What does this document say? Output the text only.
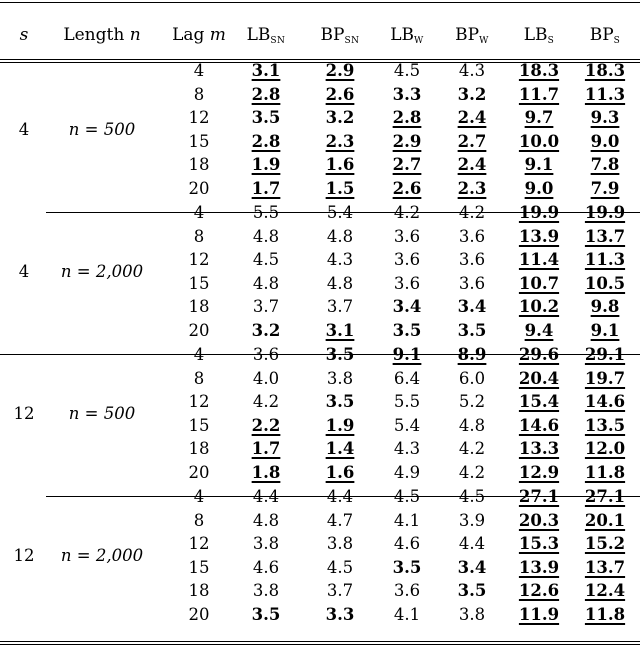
s Length n Lag m $LB_{SN}$ $BP_{SN}$ $LB_W$ $BP_W$ $LB_S$ $BP_S$
4	3.1	2.9 4.5 4.3 18.3 18.3
8	2.8	2.6 3.3 3.2 11.7 11.3
12	3.5	3.2 2.8 2.4 9.7 9.3
15	2.8	2.3 2.9 2.7 10.0 9.0
18	1.9	1.6 2.7 2.4 9.1 7.8
20	1.7	1.5 2.6 2.3 9.0 7.9
4 n = 500
4	5.5	5.4 4.2 4.2 19.9 19.9
8	4.8	4.8 3.6 3.6 13.9 13.7
12	4.5	4.3 3.6 3.6 11.4 11.3
15	4.8	4.8 3.6 3.6 10.7 10.5
18	3.7	3.7 3.4 3.4 10.2 9.8
20	3.2	3.1 3.5 3.5 9.4 9.1
4 n = 2,000
4	3.6	3.5 9.1 8.9 29.6 29.1
8	4.0	3.8 6.4 6.0 20.4 19.7
12	4.2	3.5 5.5 5.2 15.4 14.6
15	2.2	1.9 5.4 4.8 14.6 13.5
18	1.7	1.4 4.3 4.2 13.3 12.0
20	1.8	1.6 4.9 4.2 12.9 11.8
12 n = 500
4	4.4	4.4 4.5 4.5 27.1 27.1
8	4.8	4.7 4.1 3.9 20.3 20.1
12	3.8	3.8 4.6 4.4 15.3 15.2
15	4.6	4.5 3.5 3.4 13.9 13.7
18	3.8	3.7 3.6 3.5 12.6 12.4
20	3.5	3.3 4.1 3.8 11.9 11.8
12 n = 2,000
